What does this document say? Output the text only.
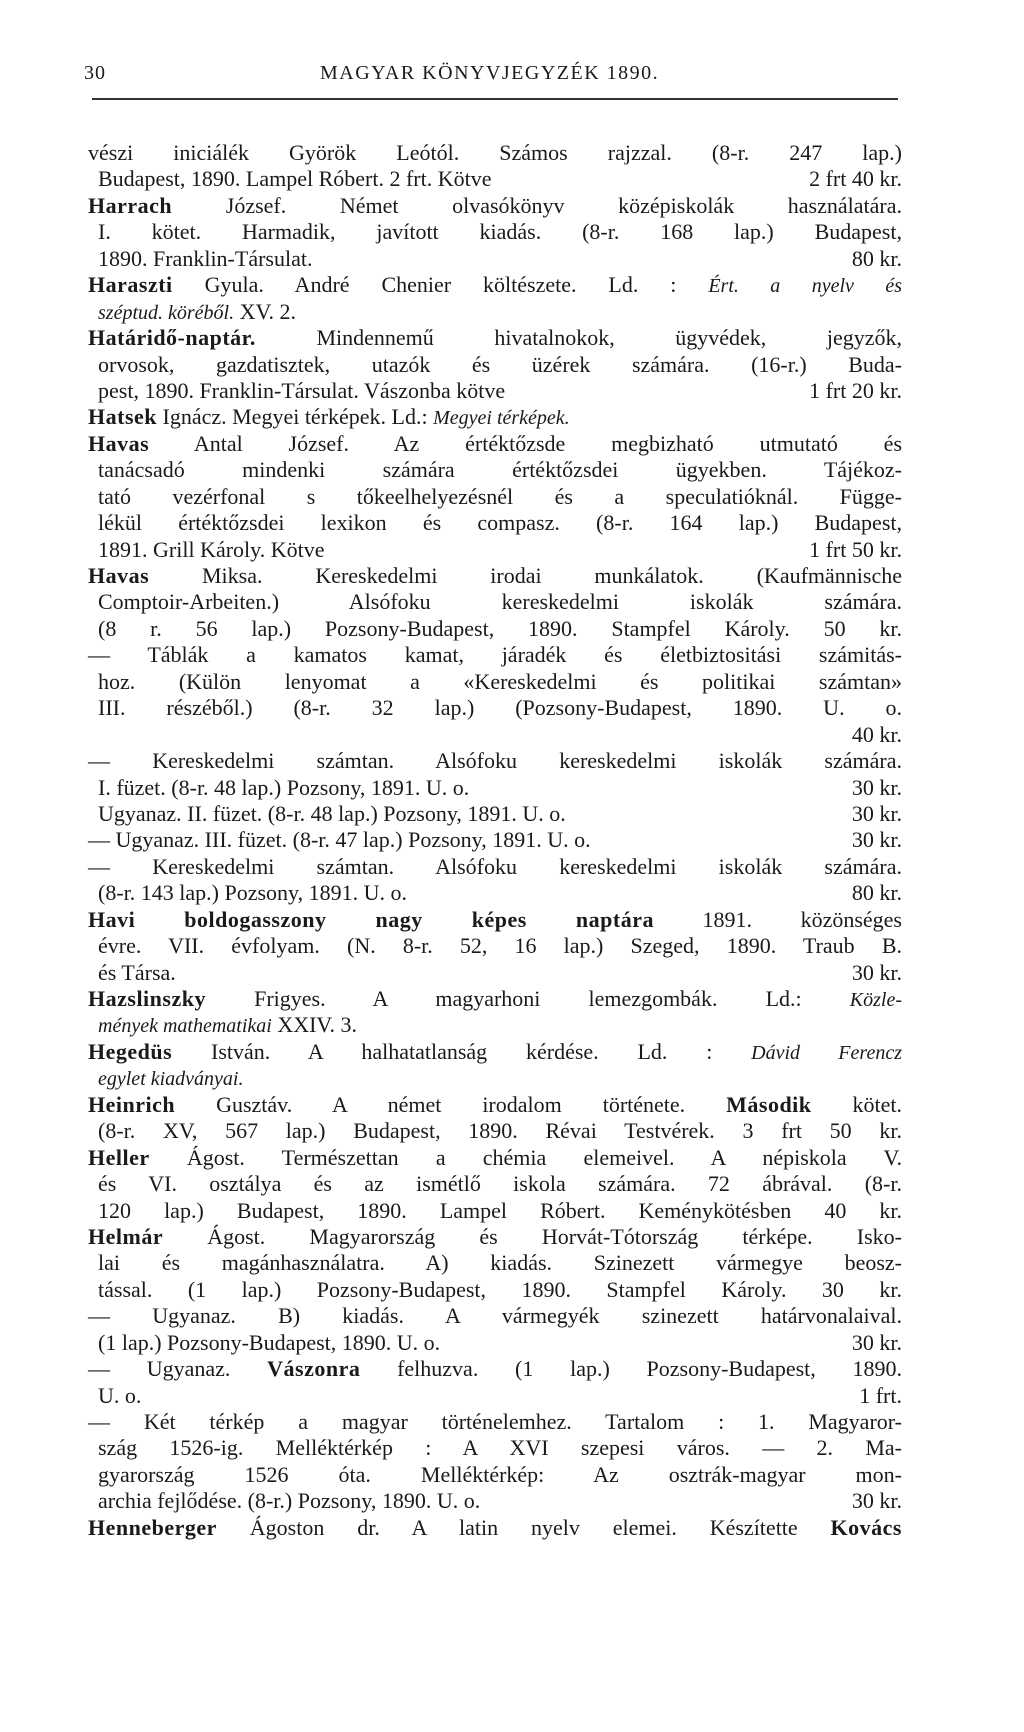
30	MAGYAR KÖNYVJEGYZÉK 1890.
vészi iniciálék Györök Leótól. Számos rajzzal. (8-r. 247 lap.)
Budapest, 1890. Lampel Róbert. 2 frt. Kötve	2 frt 40 kr.
Harrach József. Német olvasókönyv középiskolák használatára.
I. kötet. Harmadik, javított kiadás. (8-r. 168 lap.) Budapest,
1890. Franklin-Társulat.	80 kr.
Haraszti Gyula. André Chenier költészete. Ld. : Ért. a nyelv és
széptud. köréből. XV. 2.
Határidő-naptár. Mindennemű hivatalnokok, ügyvédek, jegyzők,
orvosok, gazdatisztek, utazók és üzérek számára. (16-r.) Buda-
pest, 1890. Franklin-Társulat. Vászonba kötve	1 frt 20 kr.
Hatsek Ignácz. Megyei térképek. Ld.: Megyei térképek.
Havas Antal József. Az értéktőzsde megbizható utmutató és
tanácsadó mindenki számára értéktőzsdei ügyekben. Tájékoz-
tató vezérfonal s tőkeelhelyezésnél és a speculatióknál. Függe-
lékül értéktőzsdei lexikon és compasz. (8-r. 164 lap.) Budapest,
1891. Grill Károly. Kötve	1 frt 50 kr.
Havas Miksa. Kereskedelmi irodai munkálatok. (Kaufmännische
Comptoir-Arbeiten.) Alsófoku kereskedelmi iskolák számára.
(8 r. 56 lap.) Pozsony-Budapest, 1890. Stampfel Károly. 50 kr.
— Táblák a kamatos kamat, járadék és életbiztositási számitás-
hoz. (Külön lenyomat a «Kereskedelmi és politikai számtan»
III. részéből.) (8-r. 32 lap.) (Pozsony-Budapest, 1890. U. o.
40 kr.
— Kereskedelmi számtan. Alsófoku kereskedelmi iskolák számára.
I. füzet. (8-r. 48 lap.) Pozsony, 1891. U. o.	30 kr.
Ugyanaz. II. füzet. (8-r. 48 lap.) Pozsony, 1891. U. o.	30 kr.
— Ugyanaz. III. füzet. (8-r. 47 lap.) Pozsony, 1891. U. o.	30 kr.
— Kereskedelmi számtan. Alsófoku kereskedelmi iskolák számára.
(8-r. 143 lap.) Pozsony, 1891. U. o.	80 kr.
Havi boldogasszony nagy képes naptára 1891. közönséges
évre. VII. évfolyam. (N. 8-r. 52, 16 lap.) Szeged, 1890. Traub B.
és Társa.	30 kr.
Hazslinszky Frigyes. A magyarhoni lemezgombák. Ld.: Közle-
mények mathematikai XXIV. 3.
Hegedüs István. A halhatatlanság kérdése. Ld. : Dávid Ferencz
egylet kiadványai.
Heinrich Gusztáv. A német irodalom története. Második kötet.
(8-r. XV, 567 lap.) Budapest, 1890. Révai Testvérek. 3 frt 50 kr.
Heller Ágost. Természettan a chémia elemeivel. A népiskola V.
és VI. osztálya és az ismétlő iskola számára. 72 ábrával. (8-r.
120 lap.) Budapest, 1890. Lampel Róbert. Keménykötésben 40 kr.
Helmár Ágost. Magyarország és Horvát-Tótország térképe. Isko-
lai és magánhasználatra. A) kiadás. Szinezett vármegye beosz-
tással. (1 lap.) Pozsony-Budapest, 1890. Stampfel Károly. 30 kr.
— Ugyanaz. B) kiadás. A vármegyék szinezett határvonalaival.
(1 lap.) Pozsony-Budapest, 1890. U. o.	30 kr.
— Ugyanaz. Vászonra felhuzva. (1 lap.) Pozsony-Budapest, 1890.
U. o.	1 frt.
— Két térkép a magyar történelemhez. Tartalom : 1. Magyaror-
szág 1526-ig. Melléktérkép : A XVI szepesi város. — 2. Ma-
gyarország 1526 óta. Melléktérkép: Az osztrák-magyar mon-
archia fejlődése. (8-r.) Pozsony, 1890. U. o.	30 kr.
Henneberger Ágoston dr. A latin nyelv elemei. Készítette Kovács
